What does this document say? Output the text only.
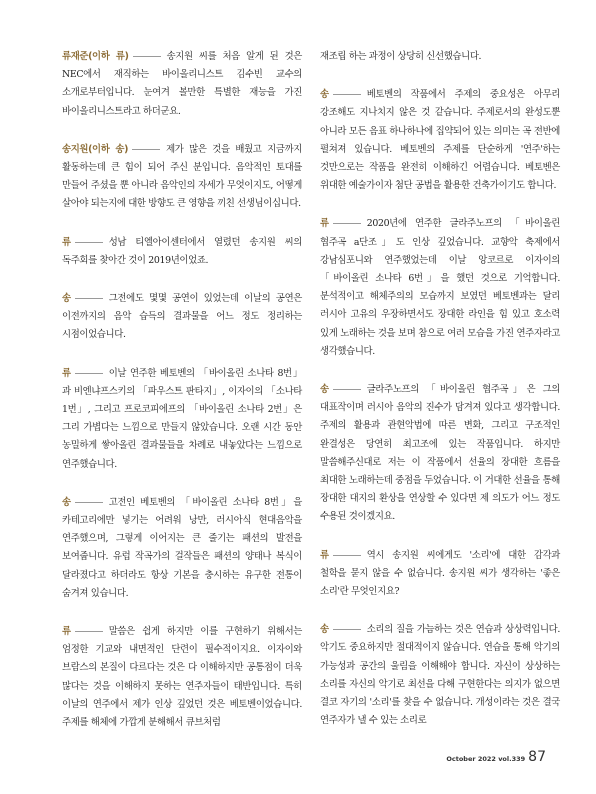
류재준(이하 류)	송지원 씨를 처음 알게 된 것은 NEC에서 재직하는 바이올리니스트 김수빈 교수의 소개로부터입니다. 눈여겨 볼만한 특별한 재능을 가진 바이올리니스트라고 하더군요.

송지원(이하 송)	제가 많은 것을 배웠고 지금까지 활동하는데 큰 힘이 되어 주신 분입니다. 음악적인 토대를 만들어 주셨을 뿐 아니라 음악인의 자세가 무엇이지도, 어떻게 살아야 되는지에 대한 방향도 큰 영향을 끼친 선생님이십니다.

류	성남 티엘아이센터에서 열렸던 송지원 씨의 독주회를 찾아간 것이 2019년이었죠.

송	그전에도 몇몇 공연이 있었는데 이날의 공연은 이전까지의 음악 습득의 결과물을 어느 정도 정리하는 시점이었습니다.

류	이날 연주한 베토벤의 「바이올린 소나타 8번」과 비엔냐프스키의 「파우스트 판타지」, 이자이의 「소나타 1번」, 그리고 프로코피에프의 「바이올린 소나타 2번」은 그리 가볍다는 느낌으로 만들지 않았습니다. 오랜 시간 동안 농밀하게 쌓아올린 결과물들을 차례로 내놓았다는 느낌으로 연주했습니다.

송	고전인 베토벤의 「바이올린 소나타 8번」을 카테고리에만 넣기는 어려워 낭만, 러시아식 현대음악을 연주했으며, 그렇게 이어지는 큰 줄기는 패션의 발전을 보여줍니다. 유럽 작곡가의 걸작들은 패션의 양태나 복식이 달라졌다고 하더라도 항상 기본을 충시하는 유구한 전통이 숨겨져 있습니다.

류	말씀은 쉽게 하지만 이를 구현하기 위해서는 엄정한 기교와 내면적인 단련이 필수적이지요. 이자이와 브람스의 본질이 다르다는 것은 다 이해하지만 공통점이 더욱 많다는 것을 이해하지 못하는 연주자들이 태반입니다. 특히 이날의 연주에서 제가 인상 깊었던 것은 베토벤이었습니다. 주제를 해체에 가깝게 분해해서 큐브처럼

재조립 하는 과정이 상당히 신선했습니다.

송	베토벤의 작품에서 주제의 중요성은 아무리 강조해도 지나치지 않은 것 같습니다. 주제로서의 완성도뿐 아니라 모든 음표 하나하나에 집약되어 있는 의미는 곡 전반에 펼쳐져 있습니다. 베토벤의 주제를 단순하게 '연주'하는 것만으로는 작품을 완전히 이해하긴 어렵습니다. 베토벤은 위대한 예술가이자 첨단 공법을 활용한 건축가이기도 합니다.

류	2020년에 연주한 글라주노프의 「바이올린 협주곡 a단조」도 인상 깊었습니다. 교향악 축제에서 강남심포니와 연주했었는데 이날 앙코르로 이자이의 「바이올린 소나타 6번」을 했던 것으로 기억합니다. 분석적이고 해체주의의 모습까지 보였던 베토벤과는 달리 러시아 고유의 우장하면서도 장대한 라인을 힘 있고 호소력 있게 노래하는 것을 보며 참으로 여러 모습을 가진 연주자라고 생각했습니다.

송	글라주노프의 「바이올린 협주곡」은 그의 대표작이며 러시아 음악의 진수가 담겨져 있다고 생각합니다. 주제의 활용과 관현악법에 따른 변화, 그리고 구조적인 완결성은 당연히 최고조에 있는 작품입니다. 하지만 말씀해주신대로 저는 이 작품에서 선율의 장대한 흐름을 최대한 노래하는데 중점을 두었습니다. 이 거대한 선율을 통해 장대한 대지의 환상을 연상할 수 있다면 제 의도가 어느 정도 수용된 것이겠지요.

류	역시 송지원 씨에게도 '소리'에 대한 감각과 철학을 묻지 않을 수 없습니다. 송지원 씨가 생각하는 '좋은 소리'란 무엇인지요?

송	소리의 질을 가늠하는 것은 연습과 상상력입니다. 악기도 중요하지만 절대적이지 않습니다. 연습을 통해 악기의 가능성과 공간의 울림을 이해해야 합니다. 자신이 상상하는 소리를 자신의 악기로 최선을 다해 구현한다는 의지가 없으면 결코 자기의 '소리'를 찾을 수 없습니다. 개성이라는 것은 결국 연주자가 낼 수 있는 소리로

October 2022 vol.339 87
